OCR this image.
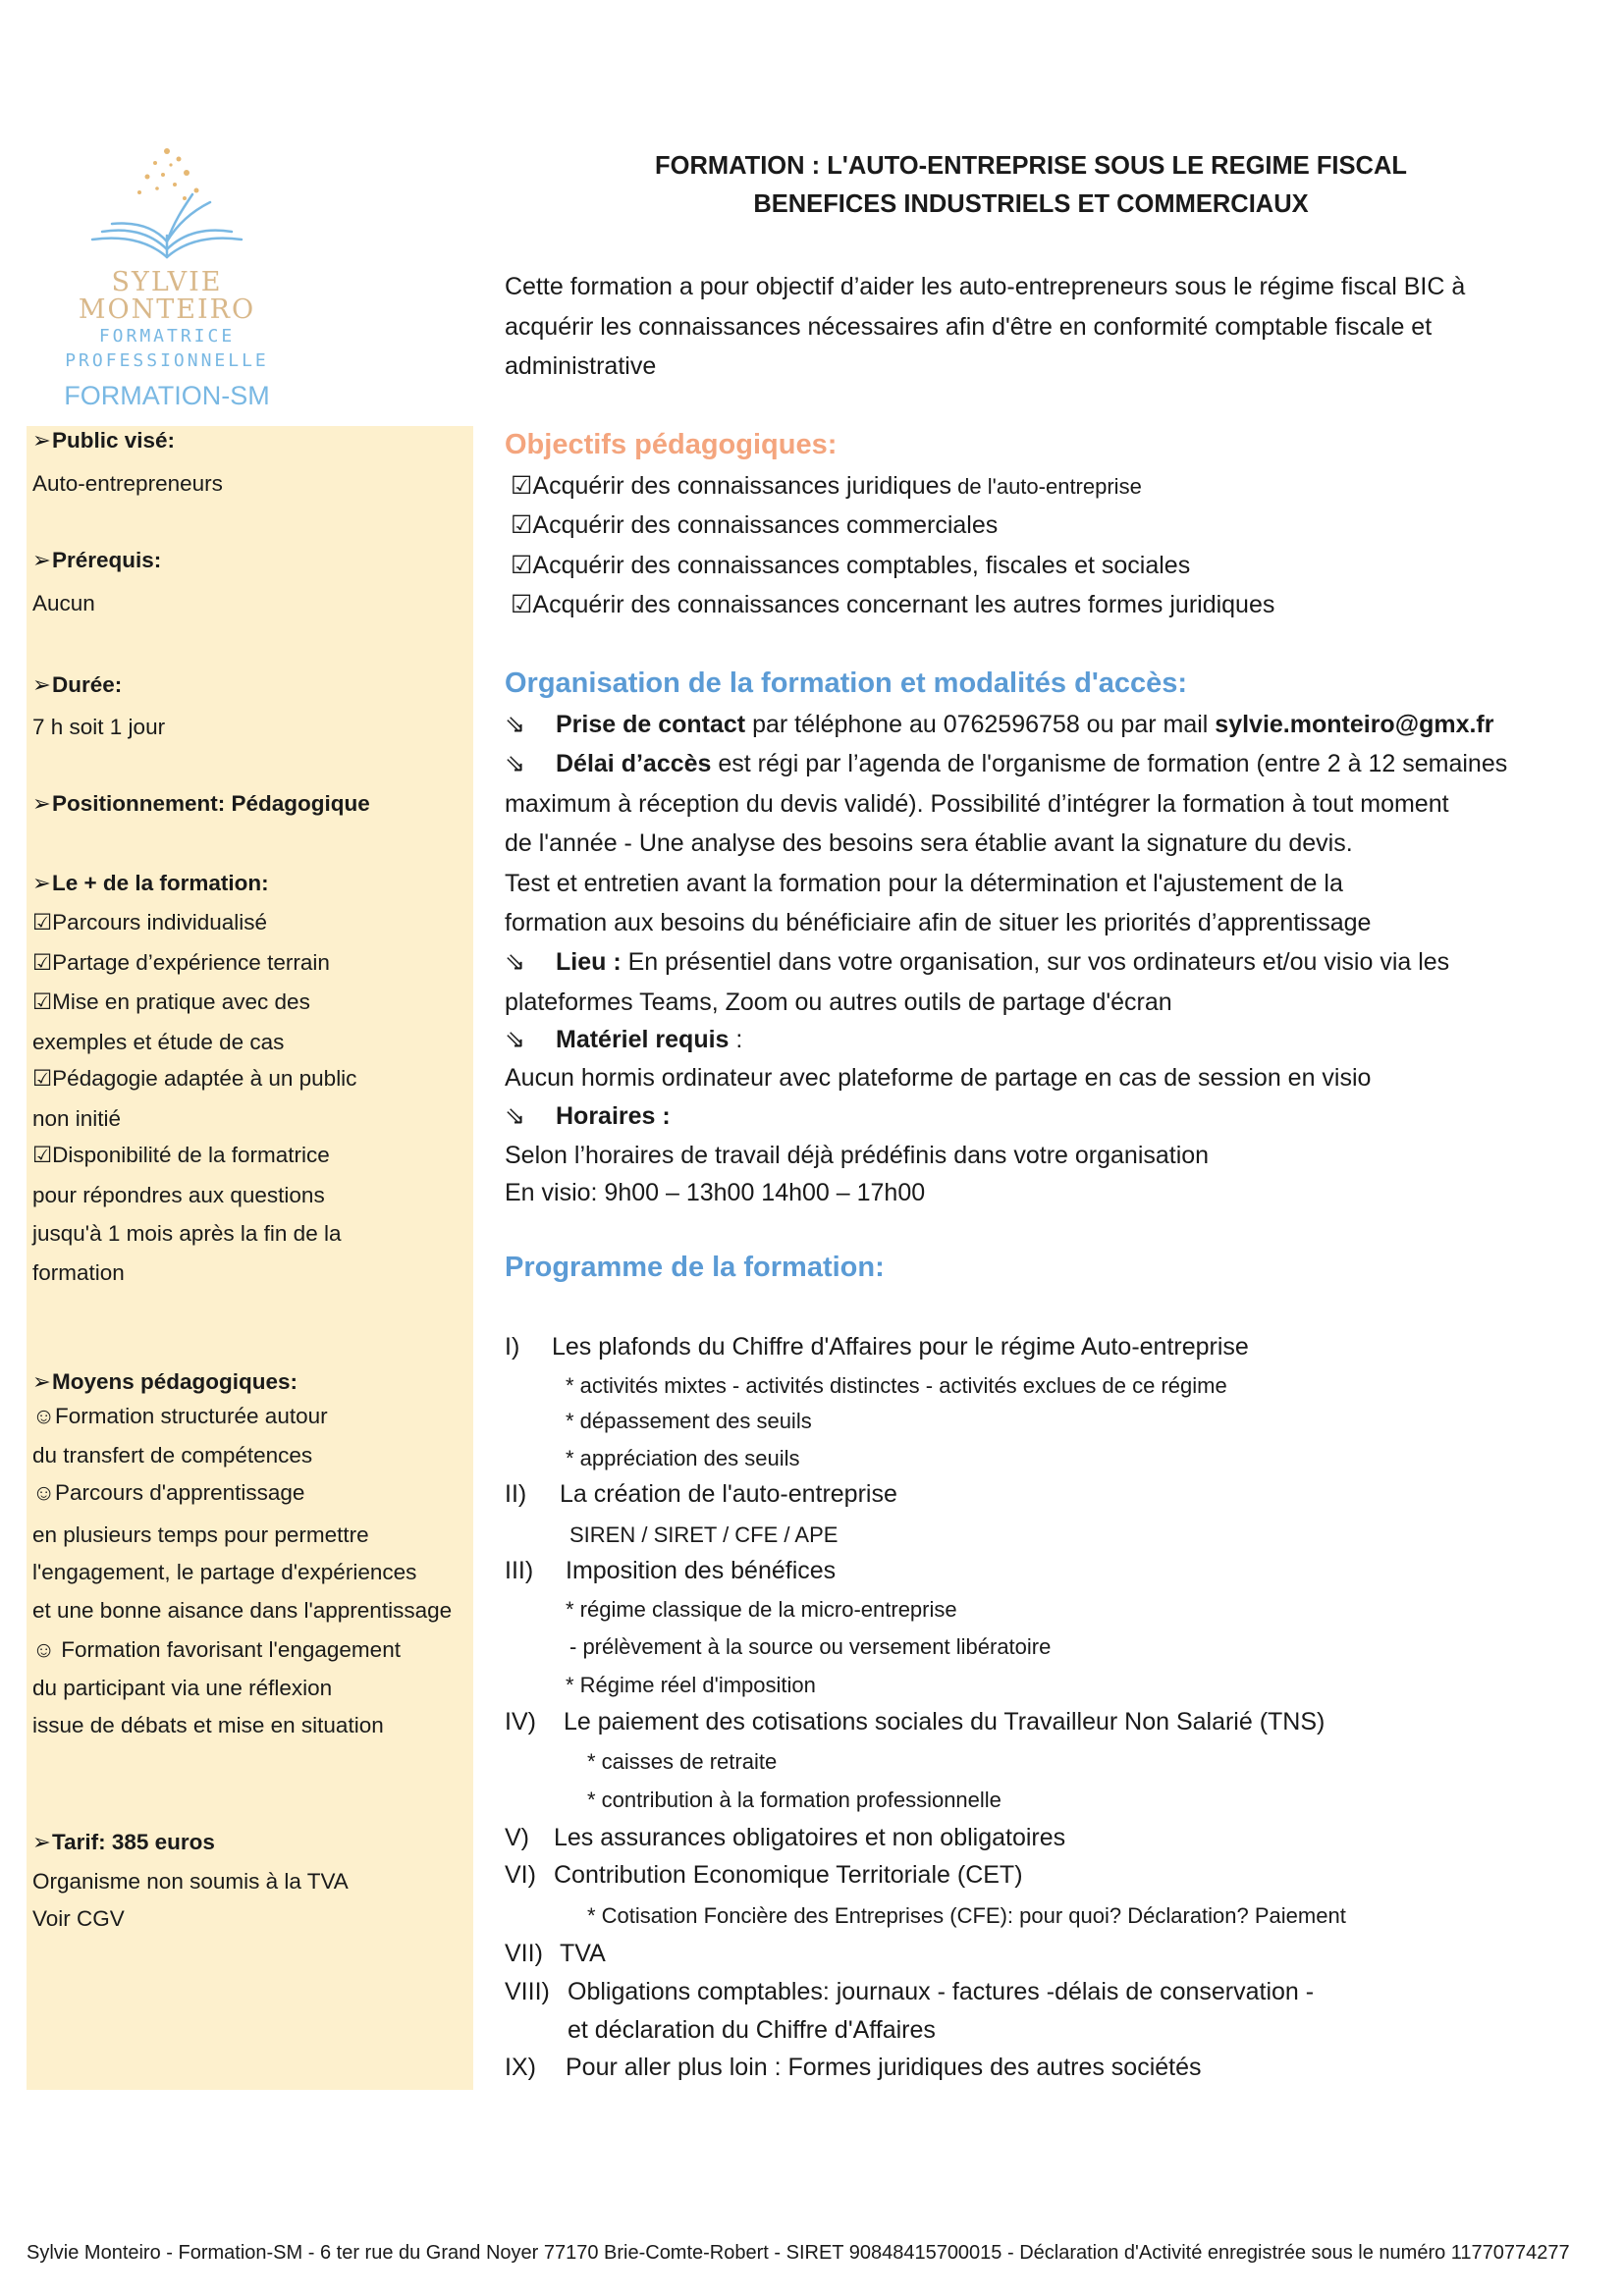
SYLVIE MONTEIRO
FORMATRICE
PROFESSIONNELLE
FORMATION-SM
FORMATION : L'AUTO-ENTREPRISE SOUS LE REGIME FISCAL
BENEFICES INDUSTRIELS ET COMMERCIAUX
Cette formation a pour objectif d’aider les auto-entrepreneurs sous le régime fiscal BIC à acquérir les connaissances nécessaires afin d'être en conformité comptable fiscale et administrative
➢Public visé:
Auto-entrepreneurs
➢Prérequis:
Aucun
➢Durée:
7 h soit 1 jour
➢Positionnement: Pédagogique
➢Le + de la formation:
☑Parcours individualisé
☑Partage d’expérience terrain
☑Mise en pratique avec des
exemples et étude de cas
☑Pédagogie adaptée à un public
non initié
☑Disponibilité de la formatrice
pour répondres aux questions
jusqu'à 1 mois après la fin de la
formation
➢Moyens pédagogiques:
☺Formation structurée autour
du transfert de compétences
☺Parcours d'apprentissage
en plusieurs temps pour permettre
l'engagement, le partage d'expériences
et une bonne aisance dans l'apprentissage
☺ Formation favorisant l'engagement
du participant via une réflexion
issue de débats et mise en situation
➢Tarif: 385 euros
Organisme non soumis à la TVA
Voir CGV
Objectifs pédagogiques:
☑Acquérir des connaissances juridiques de l'auto-entreprise
☑Acquérir des connaissances commerciales
☑Acquérir des connaissances comptables, fiscales et sociales
☑Acquérir des connaissances concernant les autres formes juridiques
Organisation de la formation et modalités d'accès:
⇘ Prise de contact par téléphone au 0762596758 ou par mail sylvie.monteiro@gmx.fr
⇘ Délai d’accès est régi par l’agenda de l'organisme de formation (entre 2 à 12 semaines
maximum à réception du devis validé). Possibilité d’intégrer la formation à tout moment
de l'année - Une analyse des besoins sera établie avant la signature du devis.
Test et entretien avant la formation pour la détermination et l'ajustement de la
formation aux besoins du bénéficiaire afin de situer les priorités d’apprentissage
⇘ Lieu : En présentiel dans votre organisation, sur vos ordinateurs et/ou visio via les
plateformes Teams, Zoom ou autres outils de partage d'écran
⇘ Matériel requis :
Aucun hormis ordinateur avec plateforme de partage en cas de session en visio
⇘ Horaires :
Selon l’horaires de travail déjà prédéfinis dans votre organisation
En visio: 9h00 – 13h00 14h00 – 17h00
Programme de la formation:
I) Les plafonds du Chiffre d'Affaires pour le régime Auto-entreprise
* activités mixtes - activités distinctes - activités exclues de ce régime
* dépassement des seuils
* appréciation des seuils
II) La création de l'auto-entreprise
SIREN / SIRET / CFE / APE
III) Imposition des bénéfices
* régime classique de la micro-entreprise
- prélèvement à la source ou versement libératoire
* Régime réel d'imposition
IV) Le paiement des cotisations sociales du Travailleur Non Salarié (TNS)
* caisses de retraite
* contribution à la formation professionnelle
V) Les assurances obligatoires et non obligatoires
VI) Contribution Economique Territoriale (CET)
* Cotisation Foncière des Entreprises (CFE): pour quoi? Déclaration? Paiement
VII) TVA
VIII) Obligations comptables: journaux - factures -délais de conservation -
et déclaration du Chiffre d'Affaires
IX) Pour aller plus loin : Formes juridiques des autres sociétés
Sylvie Monteiro - Formation-SM - 6 ter rue du Grand Noyer 77170 Brie-Comte-Robert - SIRET 90848415700015 - Déclaration d'Activité enregistrée sous le numéro 11770774277
